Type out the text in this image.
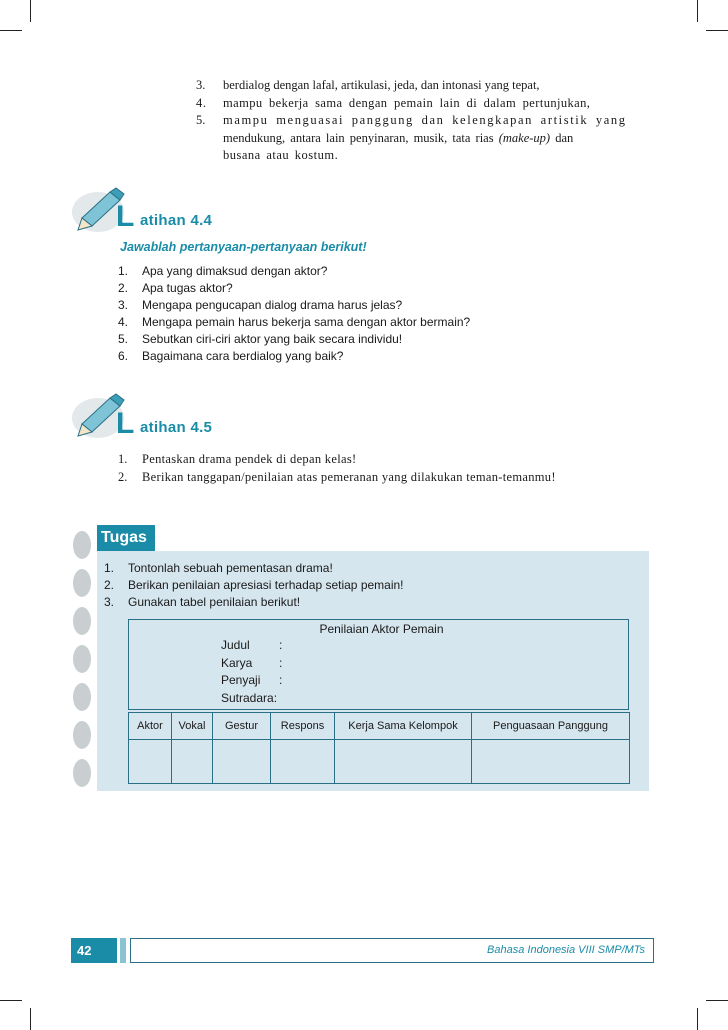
3.	berdialog dengan lafal, artikulasi, jeda, dan intonasi yang tepat,
4.	mampu bekerja sama dengan pemain lain di dalam pertunjukan,
5.	mampu menguasai panggung dan kelengkapan artistik yang
mendukung, antara lain penyinaran, musik, tata rias (make-up) dan
busana atau kostum.
L atihan 4.4
Jawablah pertanyaan-pertanyaan berikut!
1.	Apa yang dimaksud dengan aktor?
2.	Apa tugas aktor?
3.	Mengapa pengucapan dialog drama harus jelas?
4.	Mengapa pemain harus bekerja sama dengan aktor bermain?
5.	Sebutkan ciri-ciri aktor yang baik secara individu!
6.	Bagaimana cara berdialog yang baik?
L atihan 4.5
1.	Pentaskan drama pendek di depan kelas!
2.	Berikan tanggapan/penilaian atas pemeranan yang dilakukan teman-temanmu!
Tugas
1.	Tontonlah sebuah pementasan drama!
2.	Berikan penilaian apresiasi terhadap setiap pemain!
3.	Gunakan tabel penilaian berikut!
Penilaian Aktor Pemain
Judul :
Karya :
Penyaji :
Sutradara:
Aktor	Vokal	Gestur	Respons	Kerja Sama Kelompok	Penguasaan Panggung
42	Bahasa Indonesia VIII SMP/MTs
